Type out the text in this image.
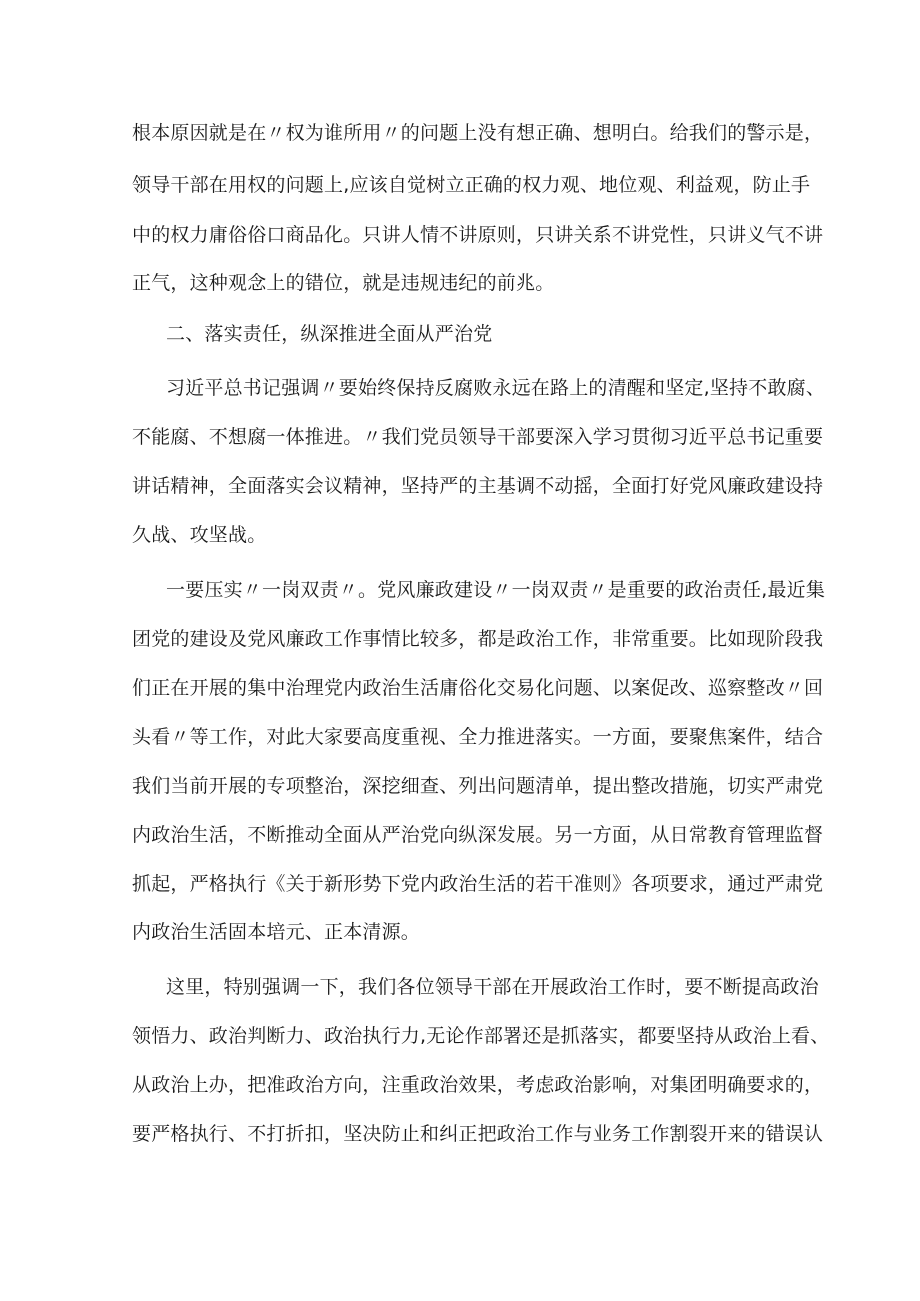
根本原因就是在〃权为谁所用〃的问题上没有想正确、想明白。给我们的警示是，
领导干部在用权的问题上,应该自觉树立正确的权力观、地位观、利益观，防止手
中的权力庸俗俗口商品化。只讲人情不讲原则，只讲关系不讲党性，只讲义气不讲
正气，这种观念上的错位，就是违规违纪的前兆。
二、落实责任，纵深推进全面从严治党
习近平总书记强调〃要始终保持反腐败永远在路上的清醒和坚定,坚持不敢腐、
不能腐、不想腐一体推进。〃我们党员领导干部要深入学习贯彻习近平总书记重要
讲话精神，全面落实会议精神，坚持严的主基调不动摇，全面打好党风廉政建设持
久战、攻坚战。
一要压实〃一岗双责〃。党风廉政建设〃一岗双责〃是重要的政治责任,最近集
团党的建设及党风廉政工作事情比较多，都是政治工作，非常重要。比如现阶段我
们正在开展的集中治理党内政治生活庸俗化交易化问题、以案促改、巡察整改〃回
头看〃等工作，对此大家要高度重视、全力推进落实。一方面，要聚焦案件，结合
我们当前开展的专项整治，深挖细查、列出问题清单，提出整改措施，切实严肃党
内政治生活，不断推动全面从严治党向纵深发展。另一方面，从日常教育管理监督
抓起，严格执行《关于新形势下党内政治生活的若干准则》各项要求，通过严肃党
内政治生活固本培元、正本清源。
这里，特别强调一下，我们各位领导干部在开展政治工作时，要不断提高政治
领悟力、政治判断力、政治执行力,无论作部署还是抓落实，都要坚持从政治上看、
从政治上办，把准政治方向，注重政治效果，考虑政治影响，对集团明确要求的，
要严格执行、不打折扣，坚决防止和纠正把政治工作与业务工作割裂开来的错误认
